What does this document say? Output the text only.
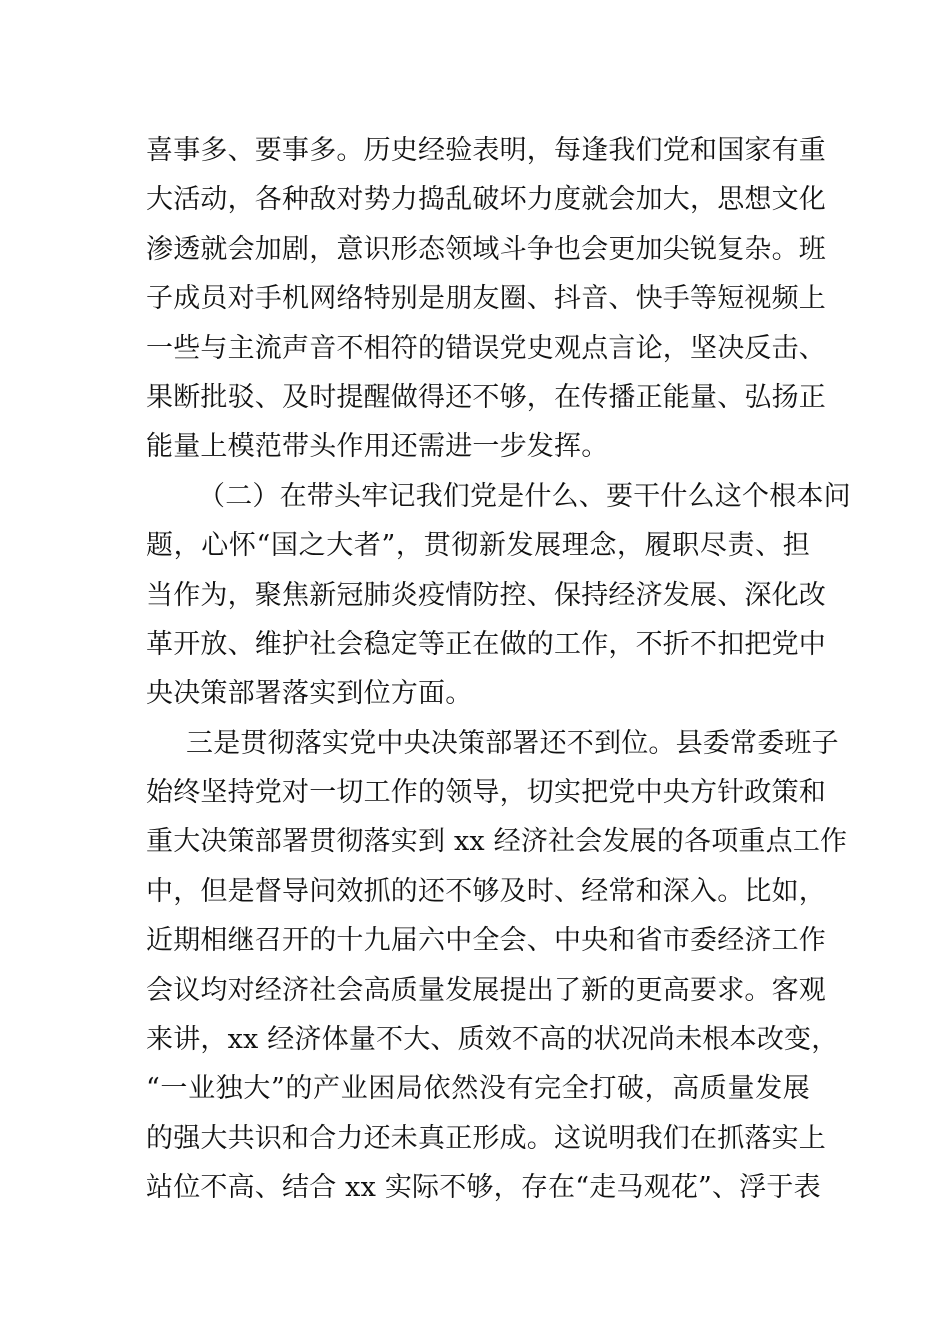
喜事多、要事多。历史经验表明，每逢我们党和国家有重
大活动，各种敌对势力捣乱破坏力度就会加大，思想文化
渗透就会加剧，意识形态领域斗争也会更加尖锐复杂。班
子成员对手机网络特别是朋友圈、抖音、快手等短视频上
一些与主流声音不相符的错误党史观点言论，坚决反击、
果断批驳、及时提醒做得还不够，在传播正能量、弘扬正
能量上模范带头作用还需进一步发挥。
（二）在带头牢记我们党是什么、要干什么这个根本问
题，心怀“国之大者”，贯彻新发展理念，履职尽责、担
当作为，聚焦新冠肺炎疫情防控、保持经济发展、深化改
革开放、维护社会稳定等正在做的工作，不折不扣把党中
央决策部署落实到位方面。
三是贯彻落实党中央决策部署还不到位。县委常委班子
始终坚持党对一切工作的领导，切实把党中央方针政策和
重大决策部署贯彻落实到 xx 经济社会发展的各项重点工作
中，但是督导问效抓的还不够及时、经常和深入。比如，
近期相继召开的十九届六中全会、中央和省市委经济工作
会议均对经济社会高质量发展提出了新的更高要求。客观
来讲，xx 经济体量不大、质效不高的状况尚未根本改变，
“一业独大”的产业困局依然没有完全打破，高质量发展
的强大共识和合力还未真正形成。这说明我们在抓落实上
站位不高、结合 xx 实际不够，存在“走马观花”、浮于表
